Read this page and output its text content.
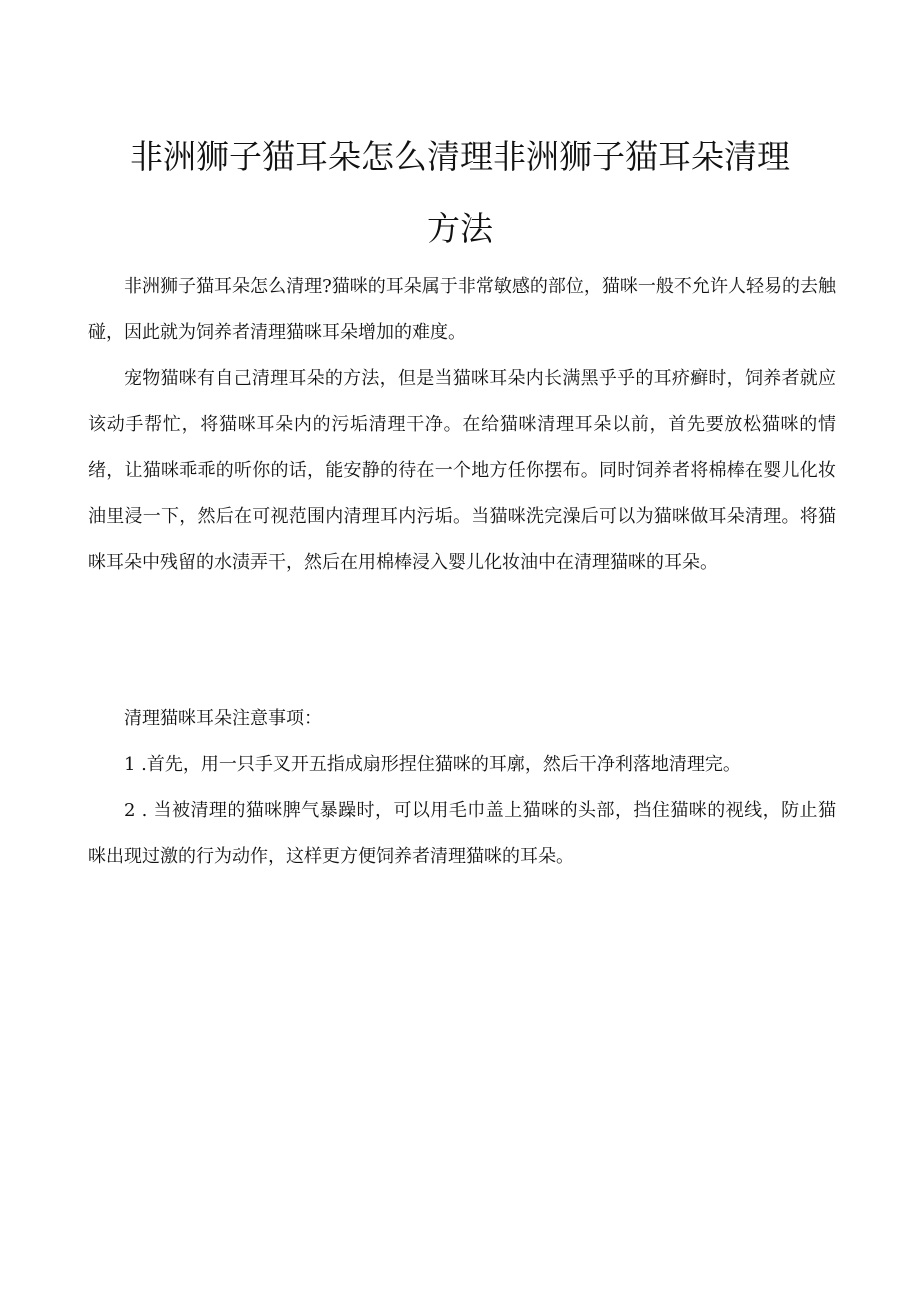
非洲狮子猫耳朵怎么清理非洲狮子猫耳朵清理
方法

非洲狮子猫耳朵怎么清理?猫咪的耳朵属于非常敏感的部位，猫咪一般不允许人轻易的去触碰，因此就为饲养者清理猫咪耳朵增加的难度。

宠物猫咪有自己清理耳朵的方法，但是当猫咪耳朵内长满黑乎乎的耳疥癣时，饲养者就应该动手帮忙，将猫咪耳朵内的污垢清理干净。在给猫咪清理耳朵以前，首先要放松猫咪的情绪，让猫咪乖乖的听你的话，能安静的待在一个地方任你摆布。同时饲养者将棉棒在婴儿化妆油里浸一下，然后在可视范围内清理耳内污垢。当猫咪洗完澡后可以为猫咪做耳朵清理。将猫咪耳朵中残留的水渍弄干，然后在用棉棒浸入婴儿化妆油中在清理猫咪的耳朵。

清理猫咪耳朵注意事项：

1 .首先，用一只手叉开五指成扇形捏住猫咪的耳廓，然后干净利落地清理完。

2 . 当被清理的猫咪脾气暴躁时，可以用毛巾盖上猫咪的头部，挡住猫咪的视线，防止猫咪出现过激的行为动作，这样更方便饲养者清理猫咪的耳朵。
